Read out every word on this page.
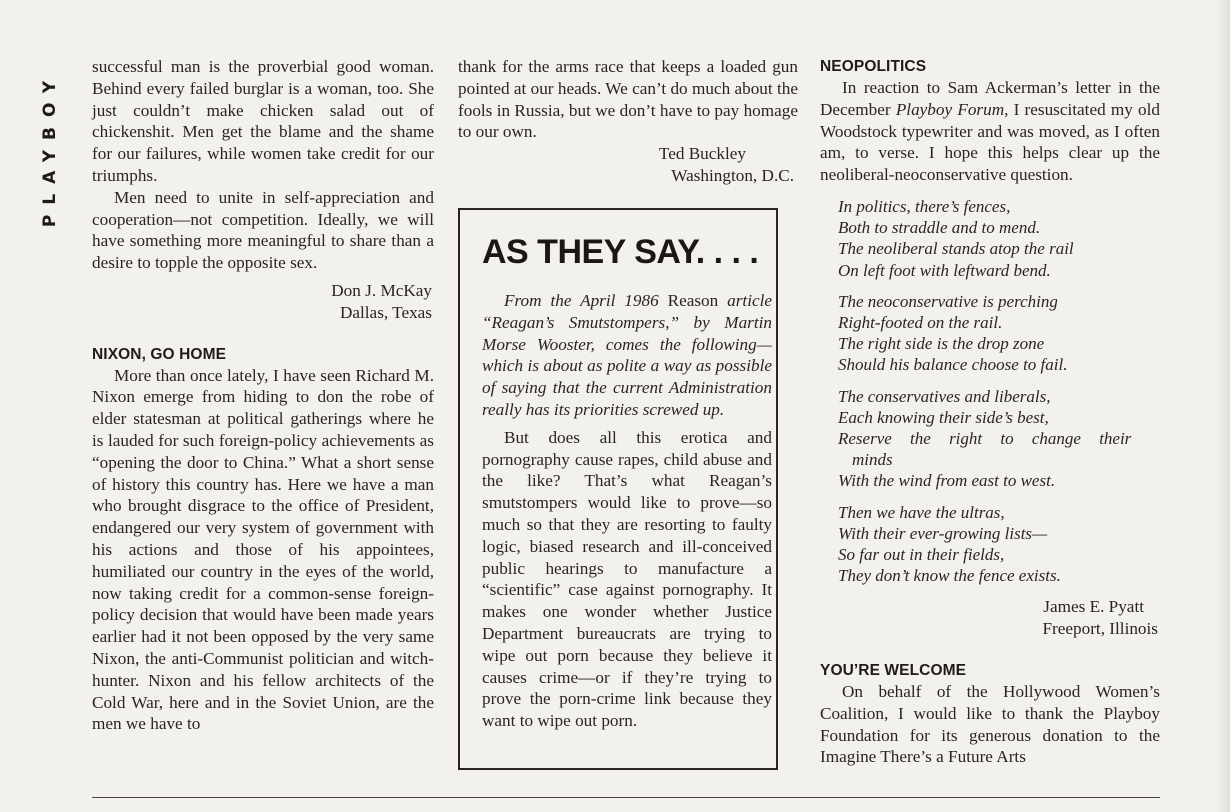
PLAYBOY

successful man is the proverbial good woman. Behind every failed burglar is a woman, too. She just couldn’t make chicken salad out of chickenshit. Men get the blame and the shame for our failures, while women take credit for our triumphs.

Men need to unite in self-appreciation and cooperation—not competition. Ideally, we will have something more meaningful to share than a desire to topple the opposite sex.

Don J. McKay
Dallas, Texas
NIXON, GO HOME

More than once lately, I have seen Richard M. Nixon emerge from hiding to don the robe of elder statesman at political gatherings where he is lauded for such foreign-policy achievements as “opening the door to China.” What a short sense of history this country has. Here we have a man who brought disgrace to the office of President, endangered our very system of government with his actions and those of his appointees, humiliated our country in the eyes of the world, now taking credit for a common-sense foreign-policy decision that would have been made years earlier had it not been opposed by the very same Nixon, the anti-Communist politician and witch-hunter. Nixon and his fellow architects of the Cold War, here and in the Soviet Union, are the men we have to

thank for the arms race that keeps a loaded gun pointed at our heads. We can’t do much about the fools in Russia, but we don’t have to pay homage to our own.

Ted Buckley
Washington, D.C.
AS THEY SAY. . . .

From the April 1986 Reason article “Reagan’s Smutstompers,” by Martin Morse Wooster, comes the following—which is about as polite a way as possible of saying that the current Administration really has its priorities screwed up.

But does all this erotica and pornography cause rapes, child abuse and the like? That’s what Reagan’s smutstompers would like to prove—so much so that they are resorting to faulty logic, biased research and ill-conceived public hearings to manufacture a “scientific” case against pornography. It makes one wonder whether Justice Department bureaucrats are trying to wipe out porn because they believe it causes crime—or if they’re trying to prove the porn-crime link because they want to wipe out porn.

NEOPOLITICS

In reaction to Sam Ackerman’s letter in the December Playboy Forum, I resuscitated my old Woodstock typewriter and was moved, as I often am, to verse. I hope this helps clear up the neoliberal-neoconservative question.

In politics, there’s fences,
Both to straddle and to mend.
The neoliberal stands atop the rail
On left foot with leftward bend.
The neoconservative is perching
Right-footed on the rail.
The right side is the drop zone
Should his balance choose to fail.
The conservatives and liberals,
Each knowing their side’s best,
Reserve the right to change their
minds
With the wind from east to west.
Then we have the ultras,
With their ever-growing lists—
So far out in their fields,
They don’t know the fence exists.
James E. Pyatt
Freeport, Illinois
YOU’RE WELCOME

On behalf of the Hollywood Women’s Coalition, I would like to thank the Playboy Foundation for its generous donation to the Imagine There’s a Future Arts
